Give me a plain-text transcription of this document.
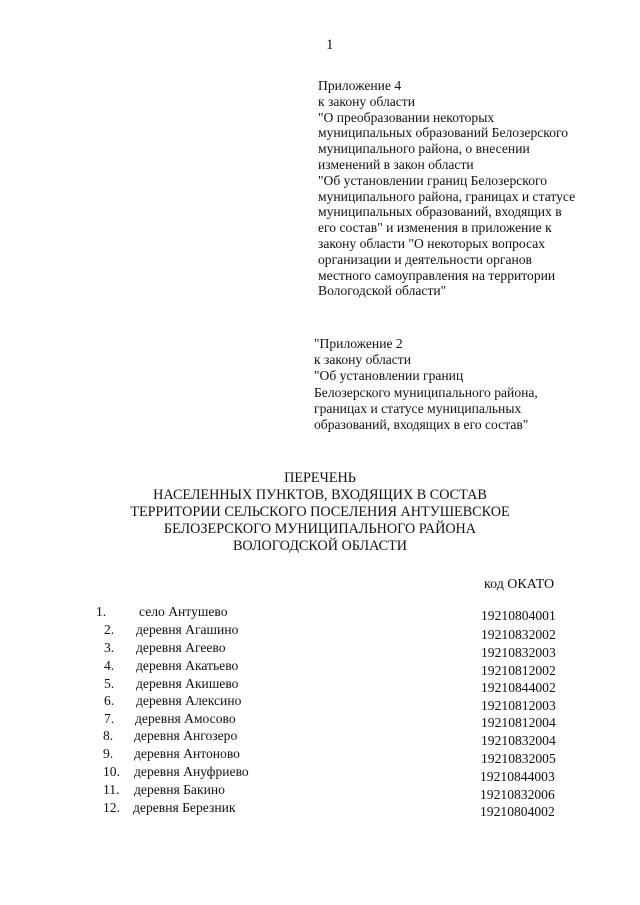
1
Приложение 4
к закону области
"О преобразовании некоторых
муниципальных образований Белозерского
муниципального района, о внесении
изменений в закон области
"Об установлении границ Белозерского
муниципального района, границах и статусе
муниципальных образований, входящих в
его состав" и изменения в приложение к
закону области "О некоторых вопросах
организации и деятельности органов
местного самоуправления на территории
Вологодской области"
"Приложение 2
к закону области
"Об установлении границ
Белозерского муниципального района,
границах и статусе муниципальных
образований, входящих в его состав"
ПЕРЕЧЕНЬ
НАСЕЛЕННЫХ ПУНКТОВ, ВХОДЯЩИХ В СОСТАВ
ТЕРРИТОРИИ СЕЛЬСКОГО ПОСЕЛЕНИЯ АНТУШЕВСКОЕ
БЕЛОЗЕРСКОГО МУНИЦИПАЛЬНОГО РАЙОНА
ВОЛОГОДСКОЙ ОБЛАСТИ
код ОКАТО
1. село Антушево	19210804001
2. деревня Агашино	19210832002
3. деревня Агеево	19210832003
4. деревня Акатьево	19210812002
5. деревня Акишево	19210844002
6. деревня Алексино	19210812003
7. деревня Амосово	19210812004
8. деревня Ангозеро	19210832004
9. деревня Антоново	19210832005
10. деревня Ануфриево	19210844003
11. деревня Бакино	19210832006
12. деревня Березник	19210804002
